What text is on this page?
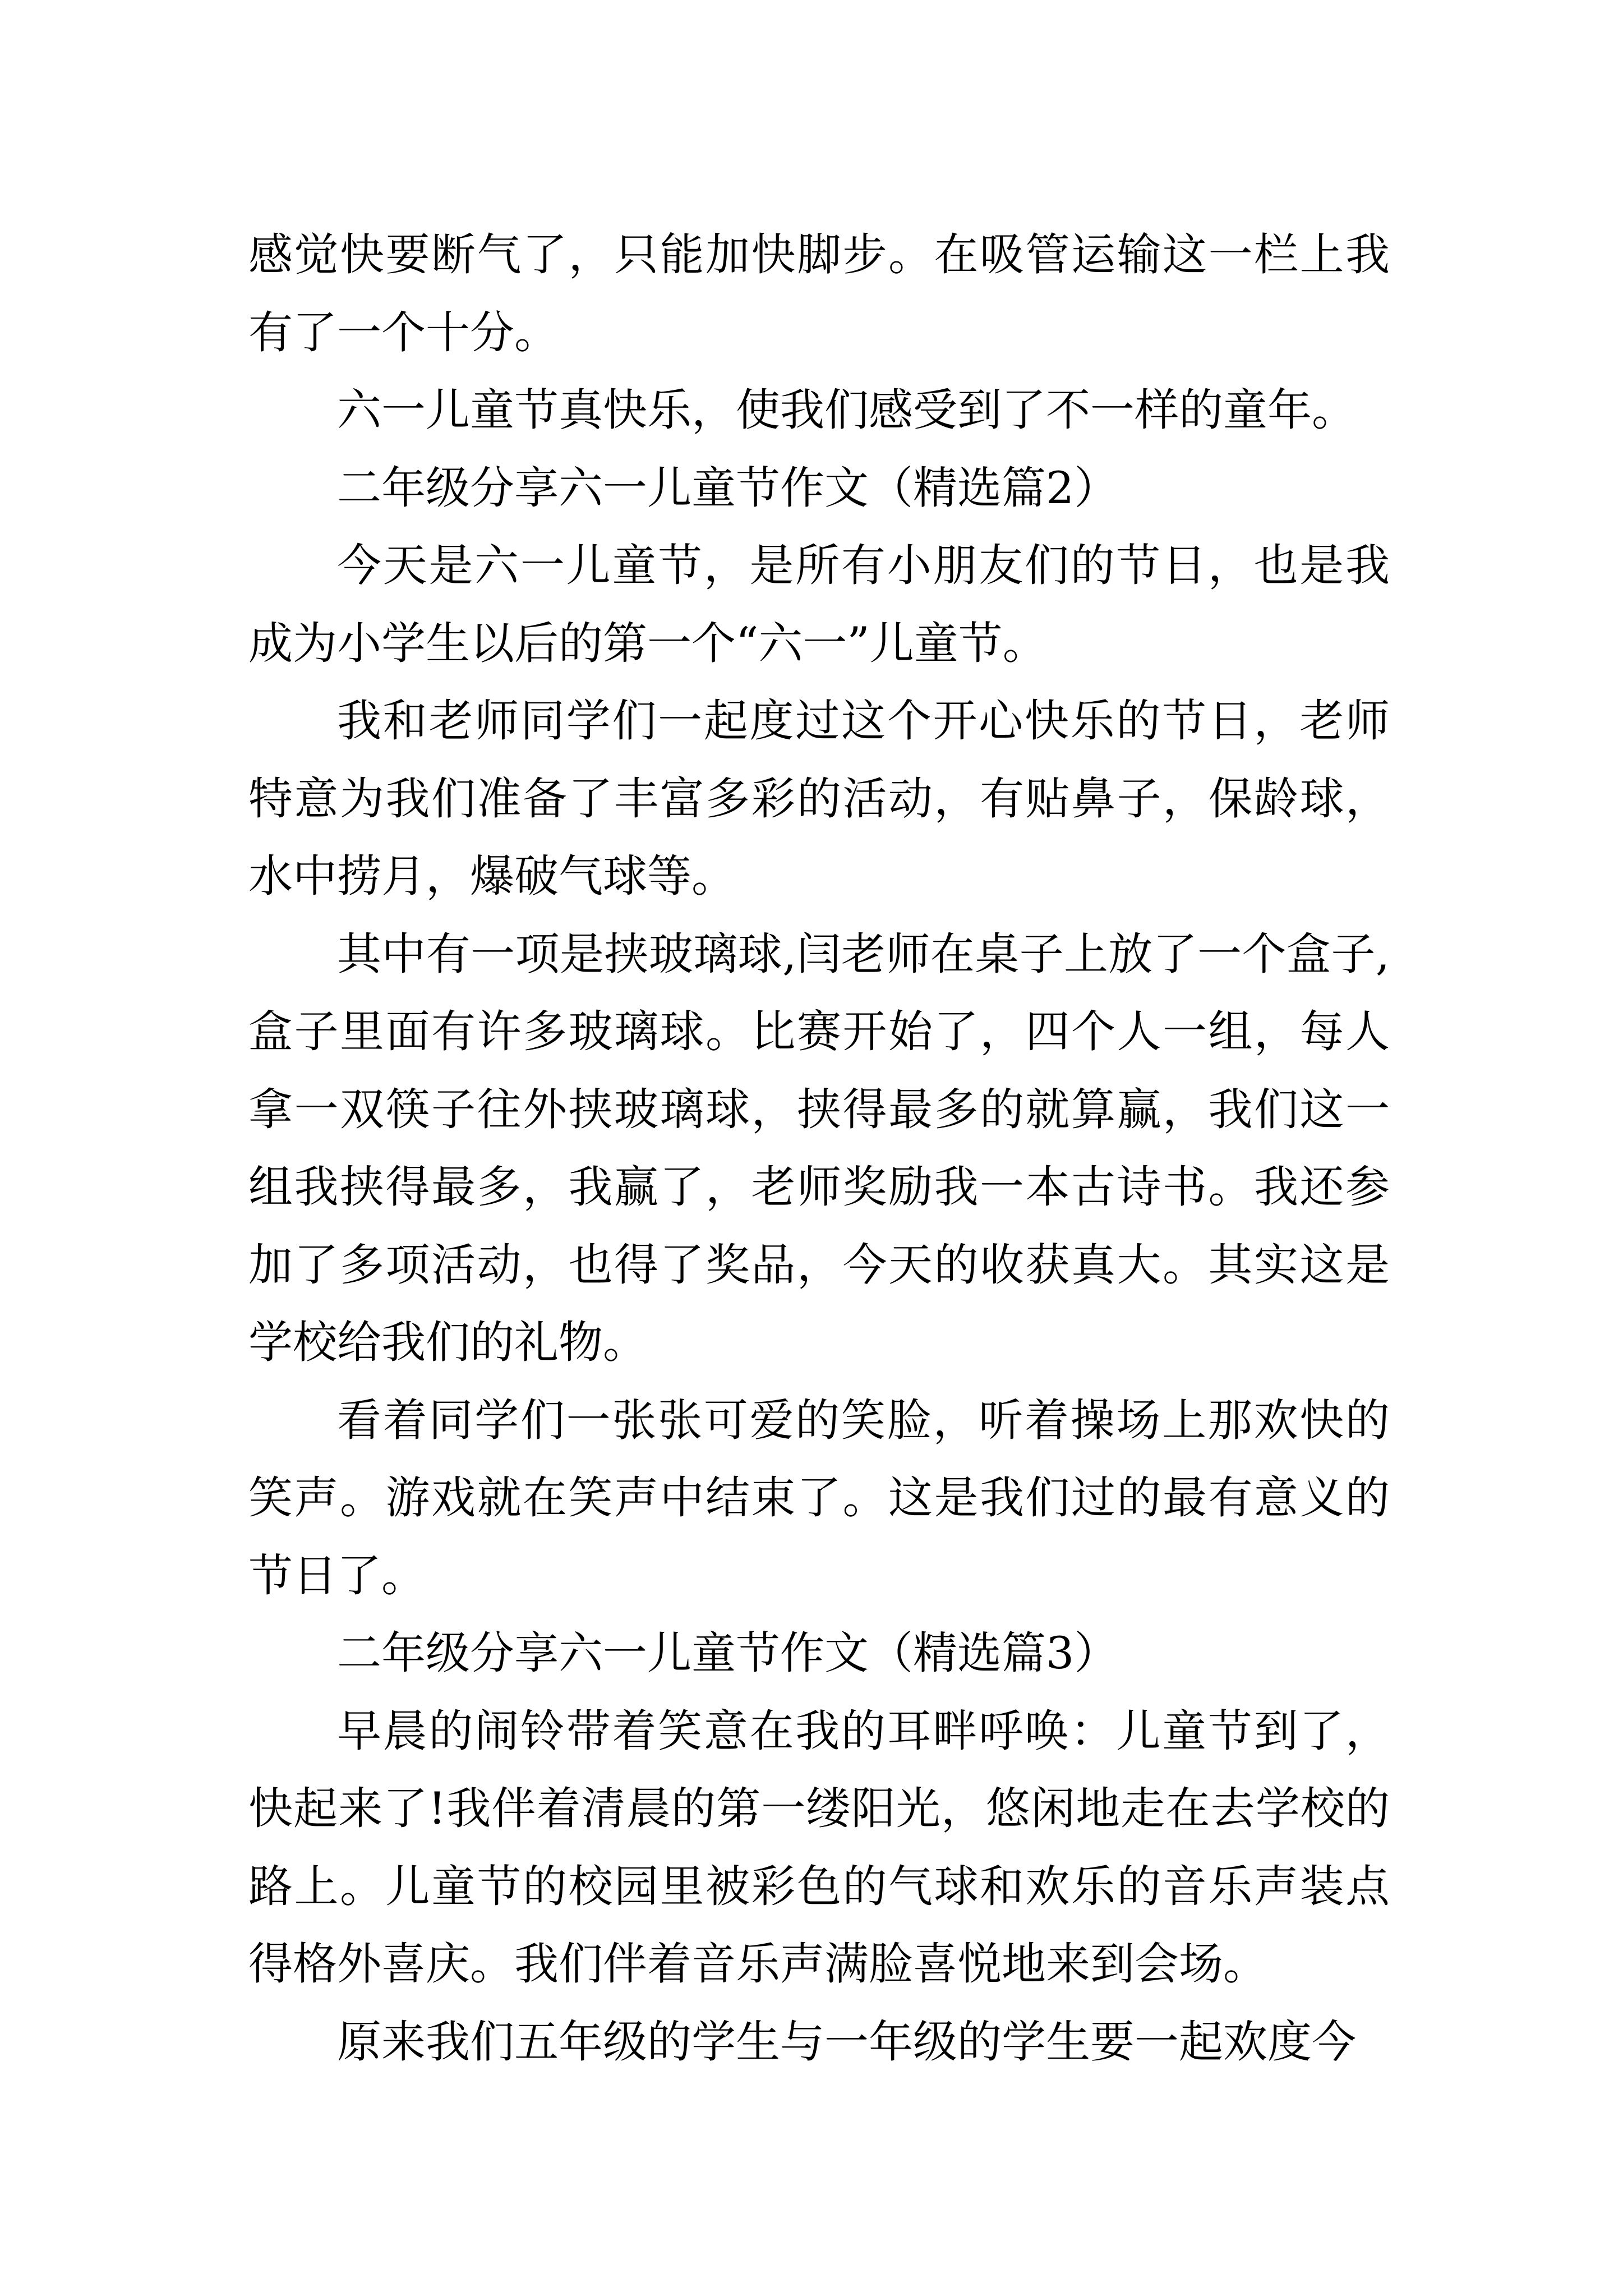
感觉快要断气了，只能加快脚步。在吸管运输这一栏上我有了一个十分。

六一儿童节真快乐，使我们感受到了不一样的童年。

二年级分享六一儿童节作文（精选篇2）

今天是六一儿童节，是所有小朋友们的节日，也是我成为小学生以后的第一个“六一”儿童节。

我和老师同学们一起度过这个开心快乐的节日，老师特意为我们准备了丰富多彩的活动，有贴鼻子，保龄球，水中捞月，爆破气球等。

其中有一项是挟玻璃球,闫老师在桌子上放了一个盒子,盒子里面有许多玻璃球。比赛开始了，四个人一组，每人拿一双筷子往外挟玻璃球，挟得最多的就算赢，我们这一组我挟得最多，我赢了，老师奖励我一本古诗书。我还参加了多项活动，也得了奖品，今天的收获真大。其实这是学校给我们的礼物。

看着同学们一张张可爱的笑脸，听着操场上那欢快的笑声。游戏就在笑声中结束了。这是我们过的最有意义的节日了。

二年级分享六一儿童节作文（精选篇3）

早晨的闹铃带着笑意在我的耳畔呼唤：儿童节到了，快起来了!我伴着清晨的第一缕阳光，悠闲地走在去学校的路上。儿童节的校园里被彩色的气球和欢乐的音乐声装点得格外喜庆。我们伴着音乐声满脸喜悦地来到会场。

原来我们五年级的学生与一年级的学生要一起欢度今
